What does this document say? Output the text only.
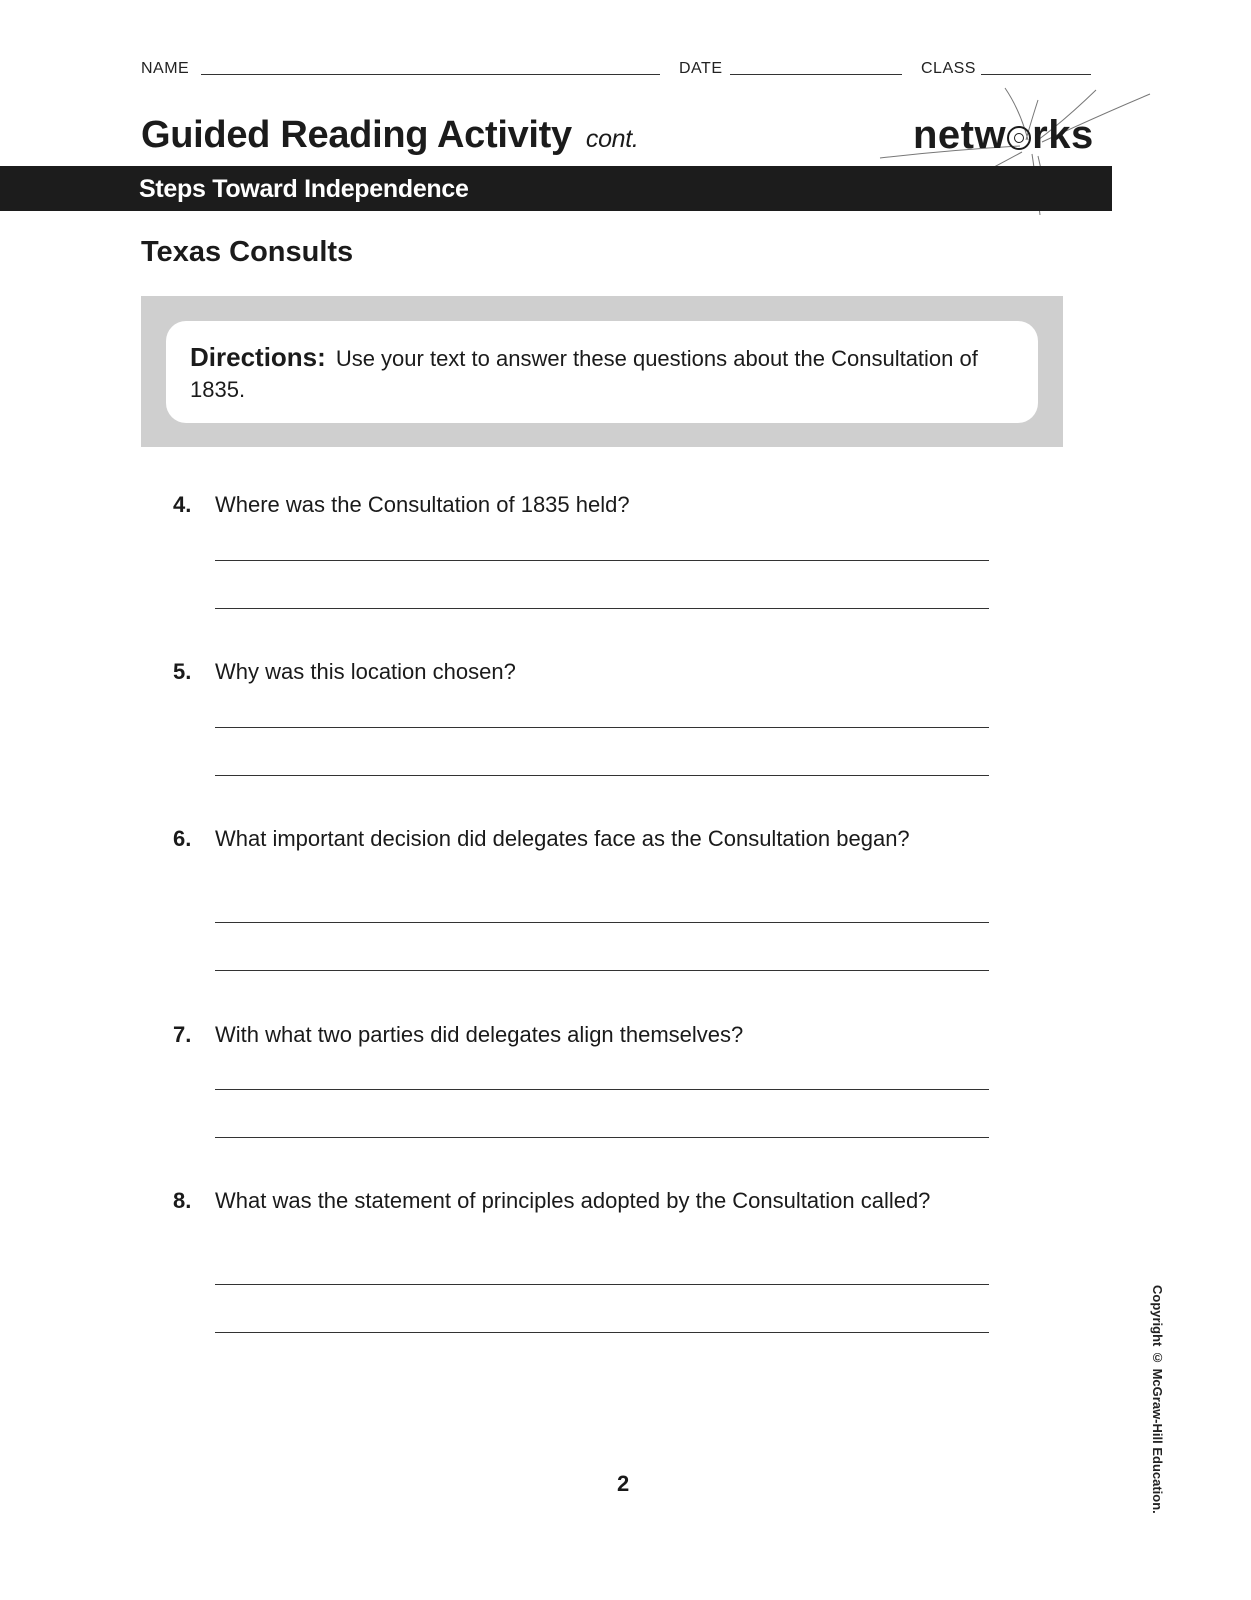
NAME	DATE	CLASS
Guided Reading Activity cont.	netw rks
Steps Toward Independence
Texas Consults
Directions: Use your text to answer these questions about the Consultation of 1835.
4. Where was the Consultation of 1835 held?
5. Why was this location chosen?
6. What important decision did delegates face as the Consultation began?
7. With what two parties did delegates align themselves?
8. What was the statement of principles adopted by the Consultation called?
2	Copyright © McGraw-Hill Education.
